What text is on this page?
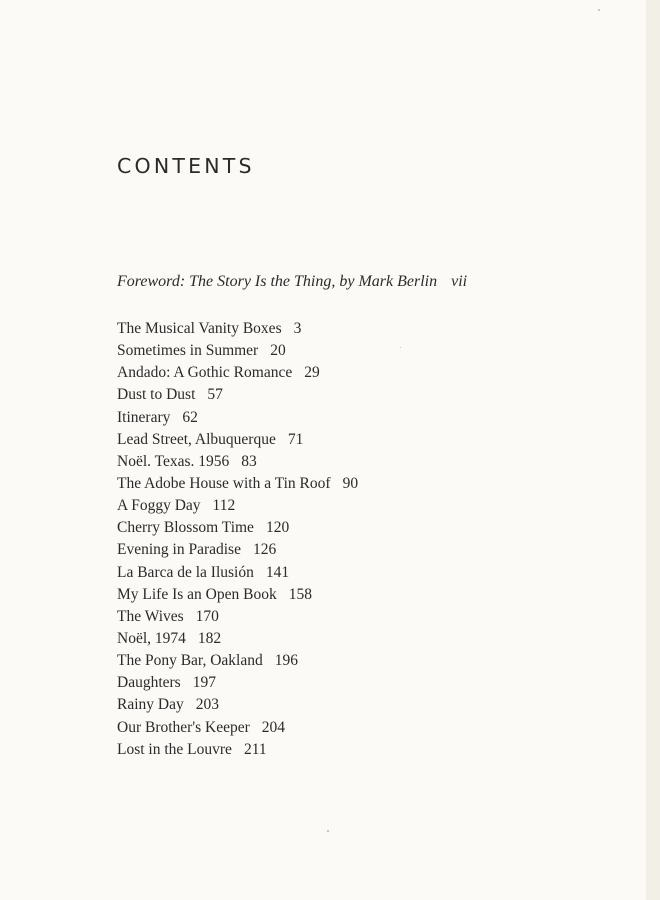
CONTENTS
Foreword: The Story Is the Thing, by Mark Berlin vii
The Musical Vanity Boxes 3
Sometimes in Summer 20
Andado: A Gothic Romance 29
Dust to Dust 57
Itinerary 62
Lead Street, Albuquerque 71
Noël. Texas. 1956 83
The Adobe House with a Tin Roof 90
A Foggy Day 112
Cherry Blossom Time 120
Evening in Paradise 126
La Barca de la Ilusión 141
My Life Is an Open Book 158
The Wives 170
Noël, 1974 182
The Pony Bar, Oakland 196
Daughters 197
Rainy Day 203
Our Brother's Keeper 204
Lost in the Louvre 211
